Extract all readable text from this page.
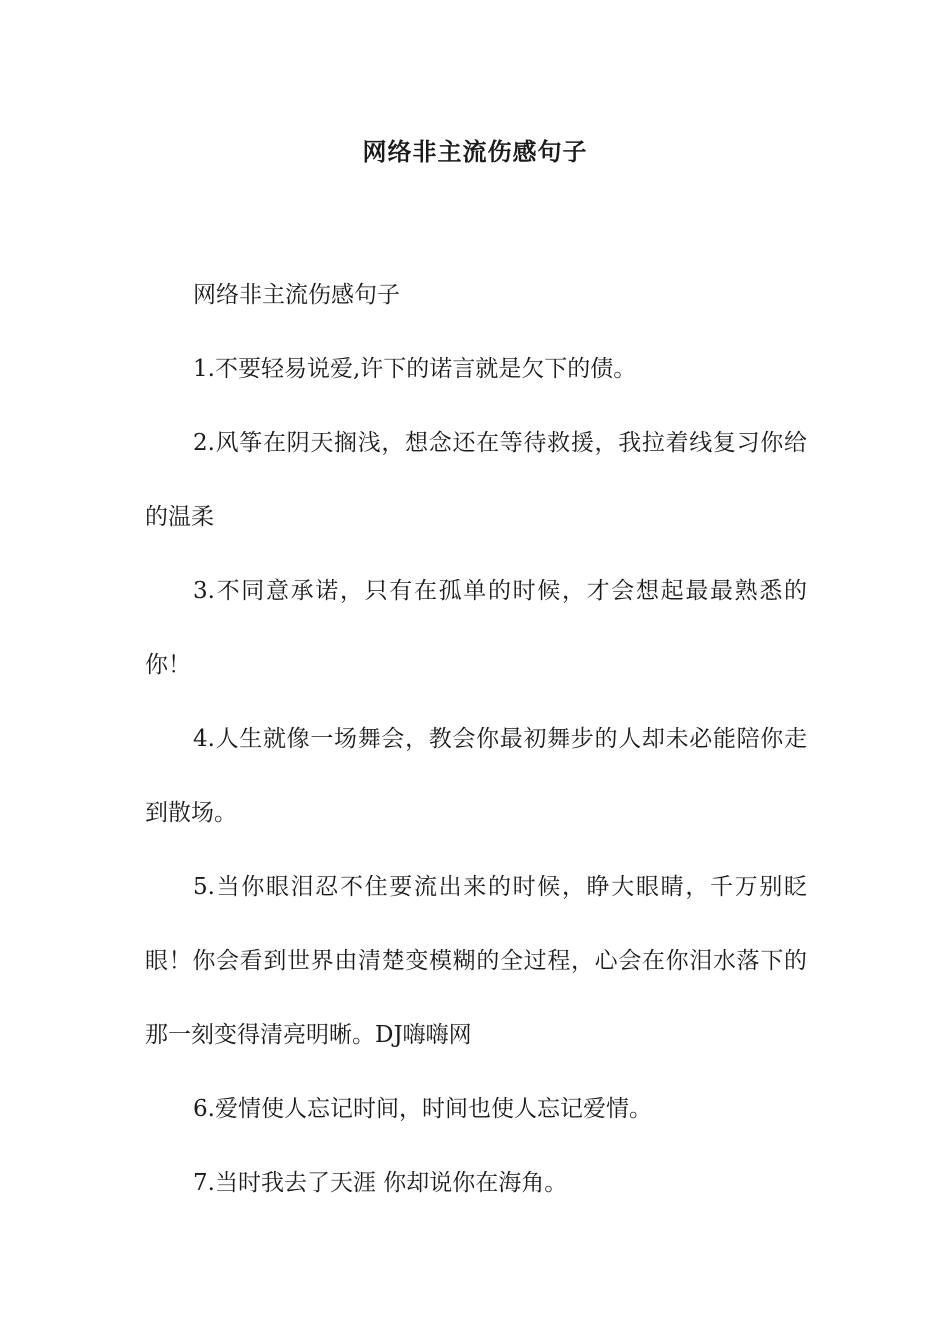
网络非主流伤感句子

网络非主流伤感句子

1.不要轻易说爱,许下的诺言就是欠下的债。

2.风筝在阴天搁浅，想念还在等待救援，我拉着线复习你给的温柔

3.不同意承诺，只有在孤单的时候，才会想起最最熟悉的你！

4.人生就像一场舞会，教会你最初舞步的人却未必能陪你走到散场。

5.当你眼泪忍不住要流出来的时候，睁大眼睛，千万别眨眼！你会看到世界由清楚变模糊的全过程，心会在你泪水落下的那一刻变得清亮明晰。DJ嗨嗨网

6.爱情使人忘记时间，时间也使人忘记爱情。

7.当时我去了天涯 你却说你在海角。
